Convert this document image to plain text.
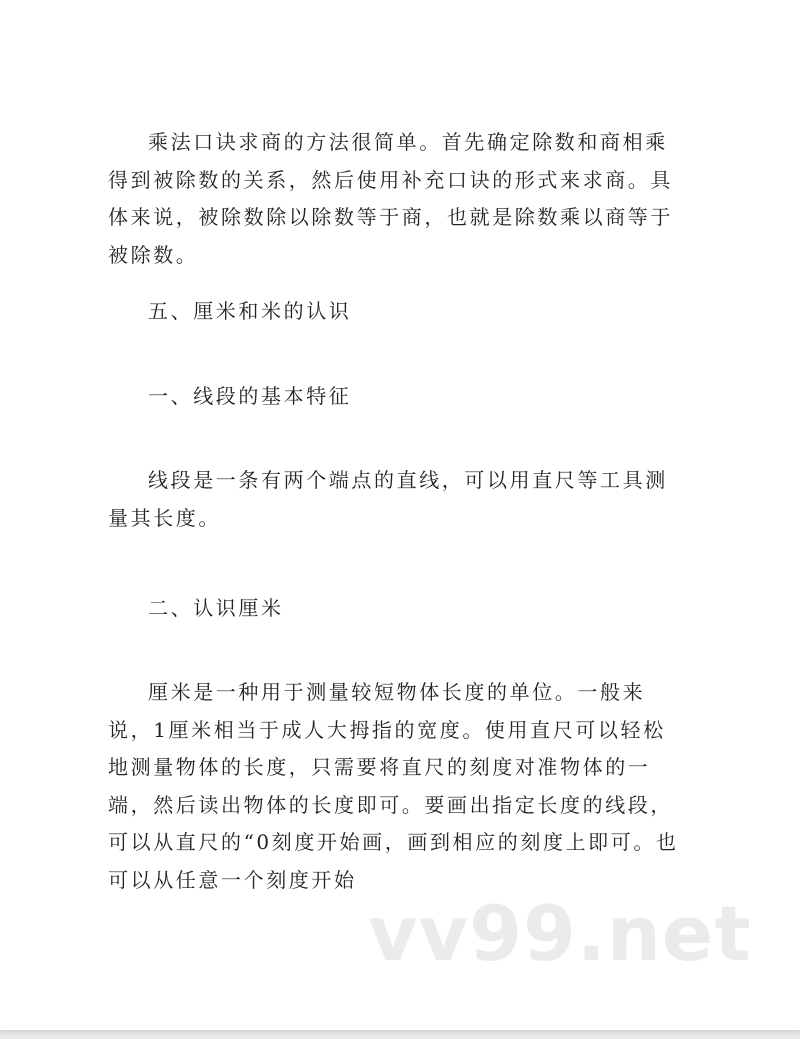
乘法口诀求商的方法很简单。首先确定除数和商相乘得到被除数的关系，然后使用补充口诀的形式来求商。具体来说，被除数除以除数等于商，也就是除数乘以商等于被除数。

五、厘米和米的认识

一、线段的基本特征

线段是一条有两个端点的直线，可以用直尺等工具测量其长度。

二、认识厘米

厘米是一种用于测量较短物体长度的单位。一般来说，1厘米相当于成人大拇指的宽度。使用直尺可以轻松地测量物体的长度，只需要将直尺的刻度对准物体的一端，然后读出物体的长度即可。要画出指定长度的线段，可以从直尺的“0刻度开始画，画到相应的刻度上即可。也可以从任意一个刻度开始

vv99.net
